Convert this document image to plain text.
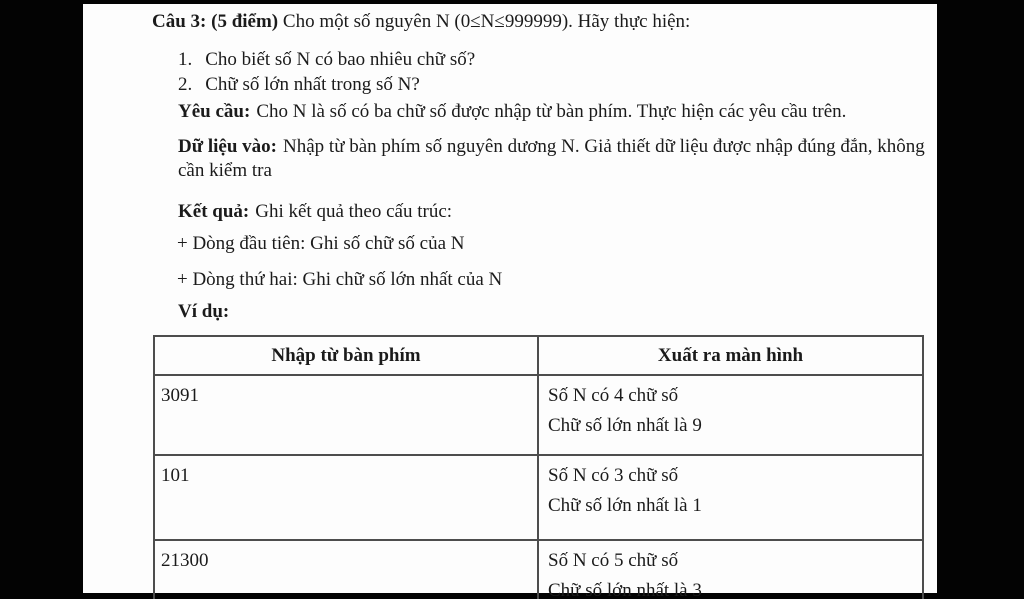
Câu 3: (5 điểm) Cho một số nguyên N (0≤N≤999999). Hãy thực hiện:

1. Cho biết số N có bao nhiêu chữ số?

2. Chữ số lớn nhất trong số N?

Yêu cầu: Cho N là số có ba chữ số được nhập từ bàn phím. Thực hiện các yêu cầu trên.

Dữ liệu vào: Nhập từ bàn phím số nguyên dương N. Giả thiết dữ liệu được nhập đúng đắn, không cần kiểm tra

Kết quả: Ghi kết quả theo cấu trúc:

+ Dòng đầu tiên: Ghi số chữ số của N

+ Dòng thứ hai: Ghi chữ số lớn nhất của N

Ví dụ:

Nhập từ bàn phím	Xuất ra màn hình
3091	Số N có 4 chữ số

Chữ số lớn nhất là 9

101	Số N có 3 chữ số

Chữ số lớn nhất là 1

21300	Số N có 5 chữ số

Chữ số lớn nhất là 3
